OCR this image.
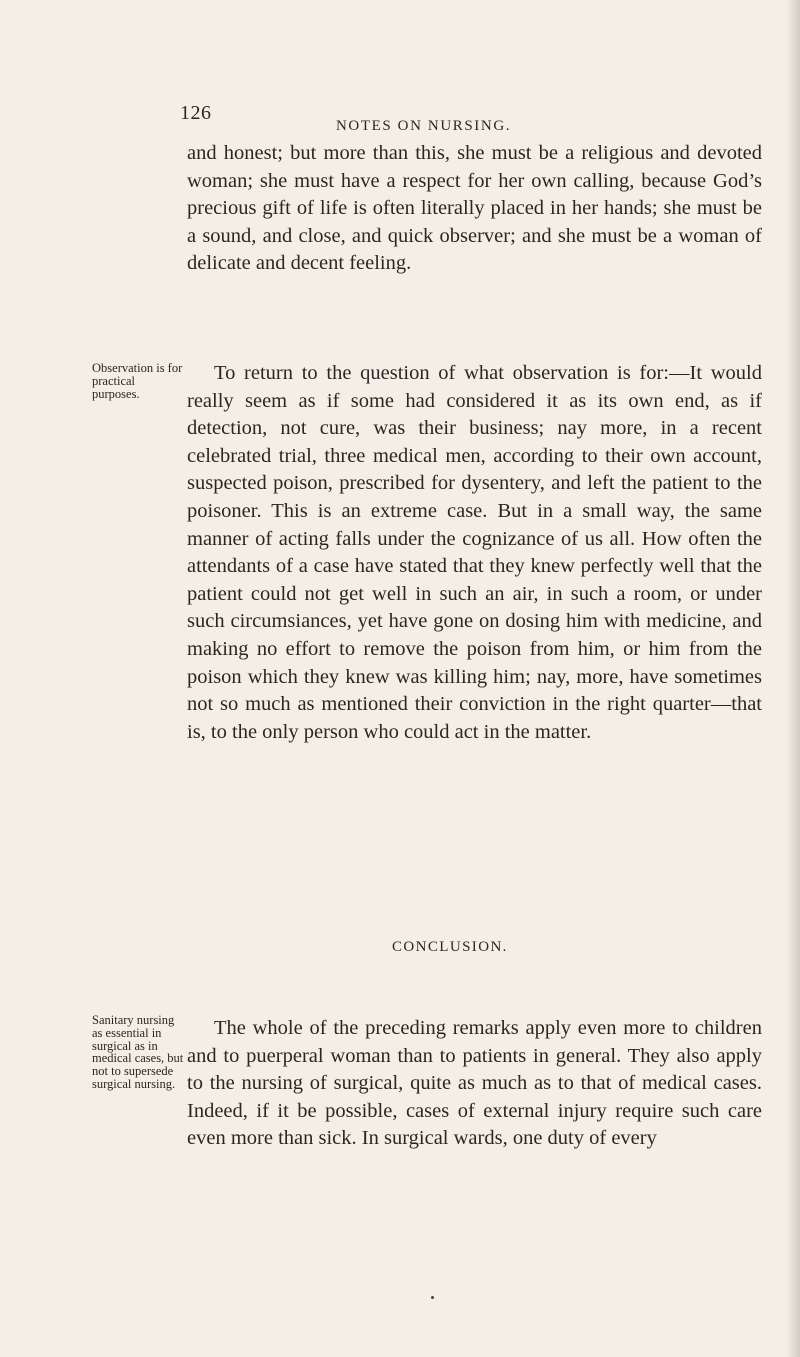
126
NOTES ON NURSING.

and honest; but more than this, she must be a religious and devoted woman; she must have a respect for her own calling, because God’s precious gift of life is often literally placed in her hands; she must be a sound, and close, and quick observer; and she must be a woman of delicate and decent feeling.

Observation is for practical purposes.

To return to the question of what observation is for:—It would really seem as if some had considered it as its own end, as if detection, not cure, was their business; nay more, in a recent celebrated trial, three medical men, according to their own account, suspected poison, prescribed for dysentery, and left the patient to the poisoner. This is an extreme case. But in a small way, the same manner of acting falls under the cognizance of us all. How often the attendants of a case have stated that they knew perfectly well that the patient could not get well in such an air, in such a room, or under such circumsiances, yet have gone on dosing him with medicine, and making no effort to remove the poison from him, or him from the poison which they knew was killing him; nay, more, have sometimes not so much as mentioned their conviction in the right quarter—that is, to the only person who could act in the matter.

CONCLUSION.

Sanitary nursing as essential in surgical as in medical cases, but not to supersede surgical nursing.

The whole of the preceding remarks apply even more to children and to puerperal woman than to patients in general. They also apply to the nursing of surgical, quite as much as to that of medical cases. Indeed, if it be possible, cases of external injury require such care even more than sick. In surgical wards, one duty of every
